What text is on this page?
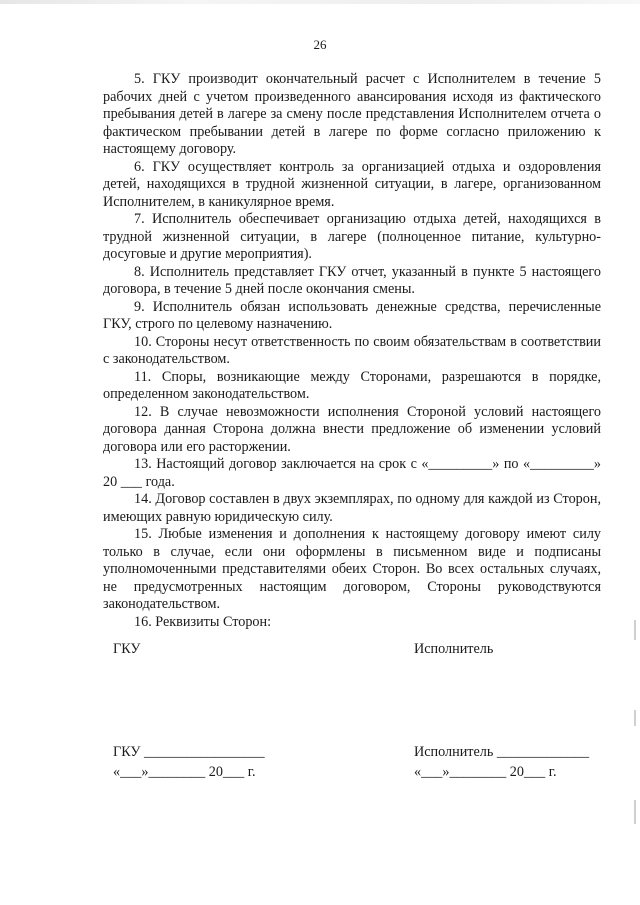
26

5. ГКУ производит окончательный расчет с Исполнителем в течение 5 рабочих дней с учетом произведенного авансирования исходя из фактического пребывания детей в лагере за смену после представления Исполнителем отчета о фактическом пребывании детей в лагере по форме согласно приложению к настоящему договору.

6. ГКУ осуществляет контроль за организацией отдыха и оздоровления детей, находящихся в трудной жизненной ситуации, в лагере, организованном Исполнителем, в каникулярное время.

7. Исполнитель обеспечивает организацию отдыха детей, находящихся в трудной жизненной ситуации, в лагере (полноценное питание, культурно-досуговые и другие мероприятия).

8. Исполнитель представляет ГКУ отчет, указанный в пункте 5 настоящего договора, в течение 5 дней после окончания смены.

9. Исполнитель обязан использовать денежные средства, перечисленные ГКУ, строго по целевому назначению.

10. Стороны несут ответственность по своим обязательствам в соответствии с законодательством.

11. Споры, возникающие между Сторонами, разрешаются в порядке, определенном законодательством.

12. В случае невозможности исполнения Стороной условий настоящего договора данная Сторона должна внести предложение об изменении условий договора или его расторжении.

13. Настоящий договор заключается на срок с «_________» по «_________» 20 ___ года.

14. Договор составлен в двух экземплярах, по одному для каждой из Сторон, имеющих равную юридическую силу.

15. Любые изменения и дополнения к настоящему договору имеют силу только в случае, если они оформлены в письменном виде и подписаны уполномоченными представителями обеих Сторон. Во всех остальных случаях, не предусмотренных настоящим договором, Стороны руководствуются законодательством.

16. Реквизиты Сторон:

ГКУ	Исполнитель
ГКУ _________________	Исполнитель _____________
«___»________ 20___ г.	«___»________ 20___ г.
